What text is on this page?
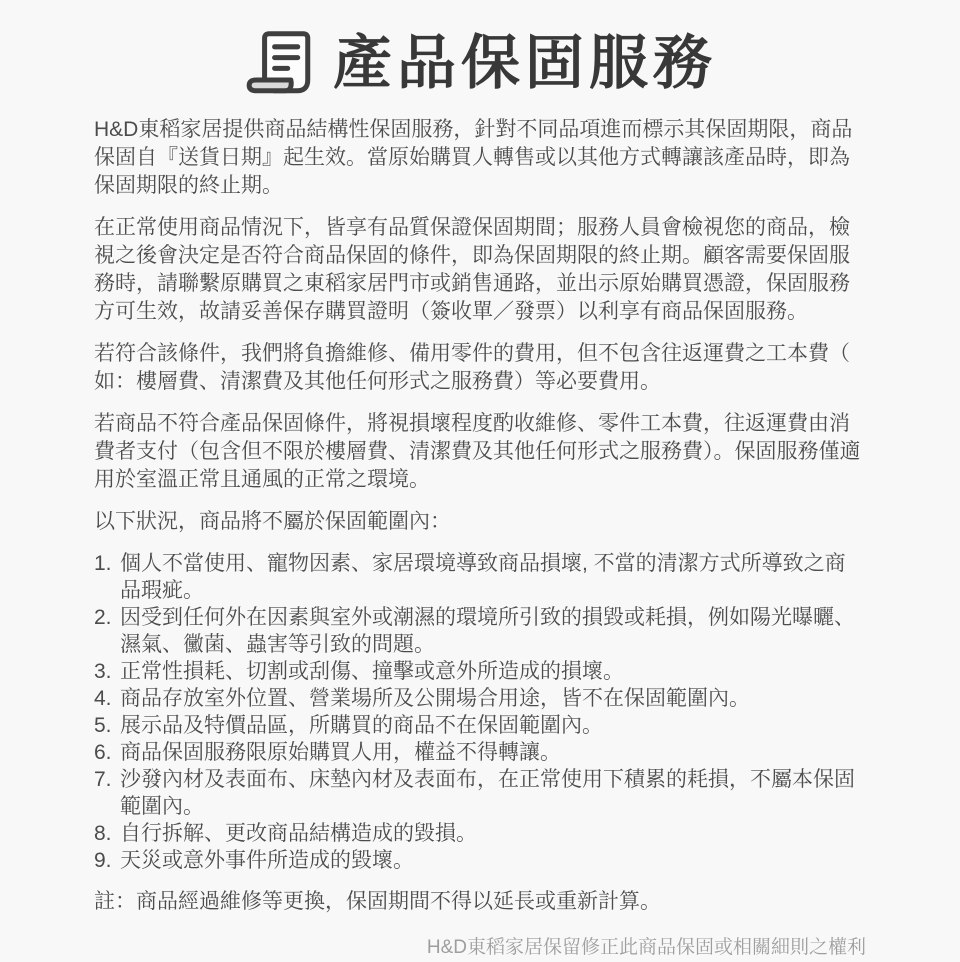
產品保固服務

H&D東稻家居提供商品結構性保固服務，針對不同品項進而標示其保固期限，商品保固自『送貨日期』起生效。當原始購買人轉售或以其他方式轉讓該產品時，即為保固期限的終止期。

在正常使用商品情況下，皆享有品質保證保固期間；服務人員會檢視您的商品，檢視之後會決定是否符合商品保固的條件，即為保固期限的終止期。顧客需要保固服務時，請聯繫原購買之東稻家居門市或銷售通路，並出示原始購買憑證，保固服務方可生效，故請妥善保存購買證明（簽收單／發票）以利享有商品保固服務。

若符合該條件，我們將負擔維修、備用零件的費用，但不包含往返運費之工本費（如：樓層費、清潔費及其他任何形式之服務費）等必要費用。

若商品不符合產品保固條件，將視損壞程度酌收維修、零件工本費，往返運費由消費者支付（包含但不限於樓層費、清潔費及其他任何形式之服務費）。保固服務僅適用於室溫正常且通風的正常之環境。

以下狀況，商品將不屬於保固範圍內：

1. 個人不當使用、寵物因素、家居環境導致商品損壞, 不當的清潔方式所導致之商品瑕疵。
2. 因受到任何外在因素與室外或潮濕的環境所引致的損毀或耗損，例如陽光曝曬、濕氣、黴菌、蟲害等引致的問題。
3. 正常性損耗、切割或刮傷、撞擊或意外所造成的損壞。
4. 商品存放室外位置、營業場所及公開場合用途，皆不在保固範圍內。
5. 展示品及特價品區，所購買的商品不在保固範圍內。
6. 商品保固服務限原始購買人用，權益不得轉讓。
7. 沙發內材及表面布、床墊內材及表面布，在正常使用下積累的耗損，不屬本保固範圍內。
8. 自行拆解、更改商品結構造成的毀損。
9. 天災或意外事件所造成的毀壞。

註：商品經過維修等更換，保固期間不得以延長或重新計算。

H&D東稻家居保留修正此商品保固或相關細則之權利
